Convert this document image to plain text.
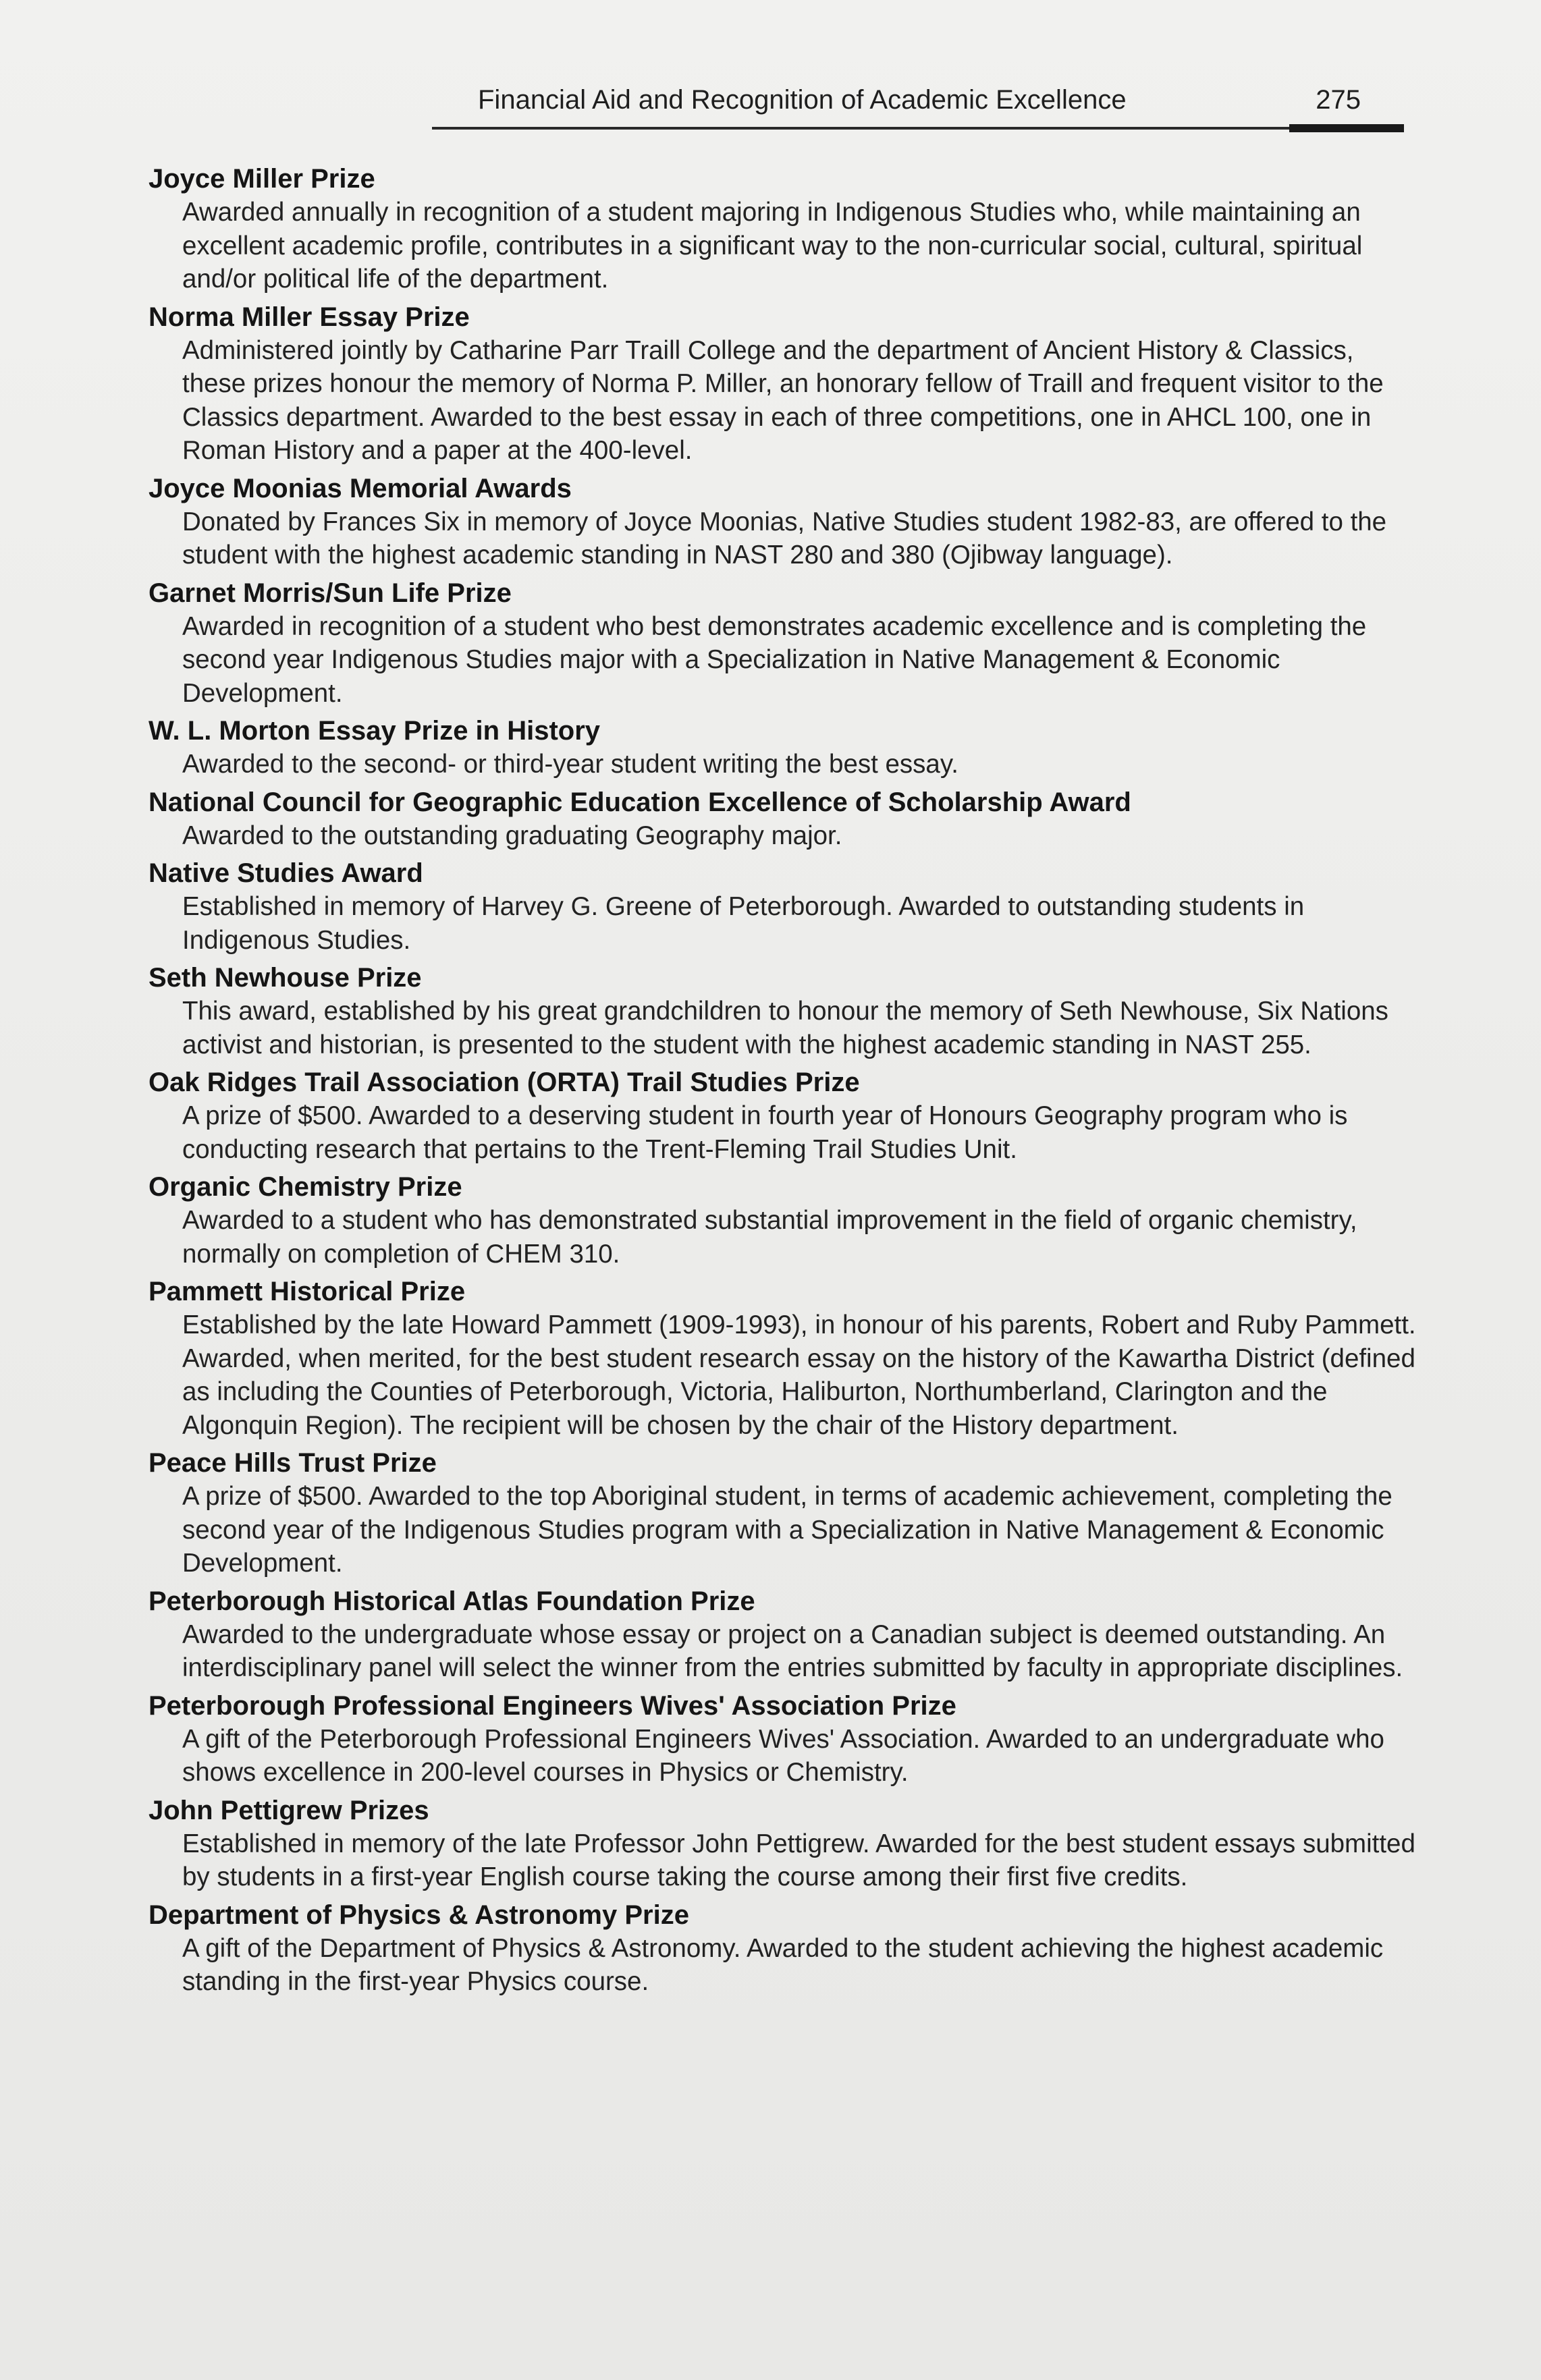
Financial Aid and Recognition of Academic Excellence	275
Joyce Miller Prize
Awarded annually in recognition of a student majoring in Indigenous Studies who, while maintaining an excellent academic profile, contributes in a significant way to the non-curricular social, cultural, spiritual and/or political life of the department.
Norma Miller Essay Prize
Administered jointly by Catharine Parr Traill College and the department of Ancient History & Classics, these prizes honour the memory of Norma P. Miller, an honorary fellow of Traill and frequent visitor to the Classics department. Awarded to the best essay in each of three competitions, one in AHCL 100, one in Roman History and a paper at the 400-level.
Joyce Moonias Memorial Awards
Donated by Frances Six in memory of Joyce Moonias, Native Studies student 1982-83, are offered to the student with the highest academic standing in NAST 280 and 380 (Ojibway language).
Garnet Morris/Sun Life Prize
Awarded in recognition of a student who best demonstrates academic excellence and is completing the second year Indigenous Studies major with a Specialization in Native Management & Economic Development.
W. L. Morton Essay Prize in History
Awarded to the second- or third-year student writing the best essay.
National Council for Geographic Education Excellence of Scholarship Award
Awarded to the outstanding graduating Geography major.
Native Studies Award
Established in memory of Harvey G. Greene of Peterborough. Awarded to outstanding students in Indigenous Studies.
Seth Newhouse Prize
This award, established by his great grandchildren to honour the memory of Seth Newhouse, Six Nations activist and historian, is presented to the student with the highest academic standing in NAST 255.
Oak Ridges Trail Association (ORTA) Trail Studies Prize
A prize of $500. Awarded to a deserving student in fourth year of Honours Geography program who is conducting research that pertains to the Trent-Fleming Trail Studies Unit.
Organic Chemistry Prize
Awarded to a student who has demonstrated substantial improvement in the field of organic chemistry, normally on completion of CHEM 310.
Pammett Historical Prize
Established by the late Howard Pammett (1909-1993), in honour of his parents, Robert and Ruby Pammett. Awarded, when merited, for the best student research essay on the history of the Kawartha District (defined as including the Counties of Peterborough, Victoria, Haliburton, Northumberland, Clarington and the Algonquin Region). The recipient will be chosen by the chair of the History department.
Peace Hills Trust Prize
A prize of $500. Awarded to the top Aboriginal student, in terms of academic achievement, completing the second year of the Indigenous Studies program with a Specialization in Native Management & Economic Development.
Peterborough Historical Atlas Foundation Prize
Awarded to the undergraduate whose essay or project on a Canadian subject is deemed outstanding. An interdisciplinary panel will select the winner from the entries submitted by faculty in appropriate disciplines.
Peterborough Professional Engineers Wives' Association Prize
A gift of the Peterborough Professional Engineers Wives' Association. Awarded to an undergraduate who shows excellence in 200-level courses in Physics or Chemistry.
John Pettigrew Prizes
Established in memory of the late Professor John Pettigrew. Awarded for the best student essays submitted by students in a first-year English course taking the course among their first five credits.
Department of Physics & Astronomy Prize
A gift of the Department of Physics & Astronomy. Awarded to the student achieving the highest academic standing in the first-year Physics course.
